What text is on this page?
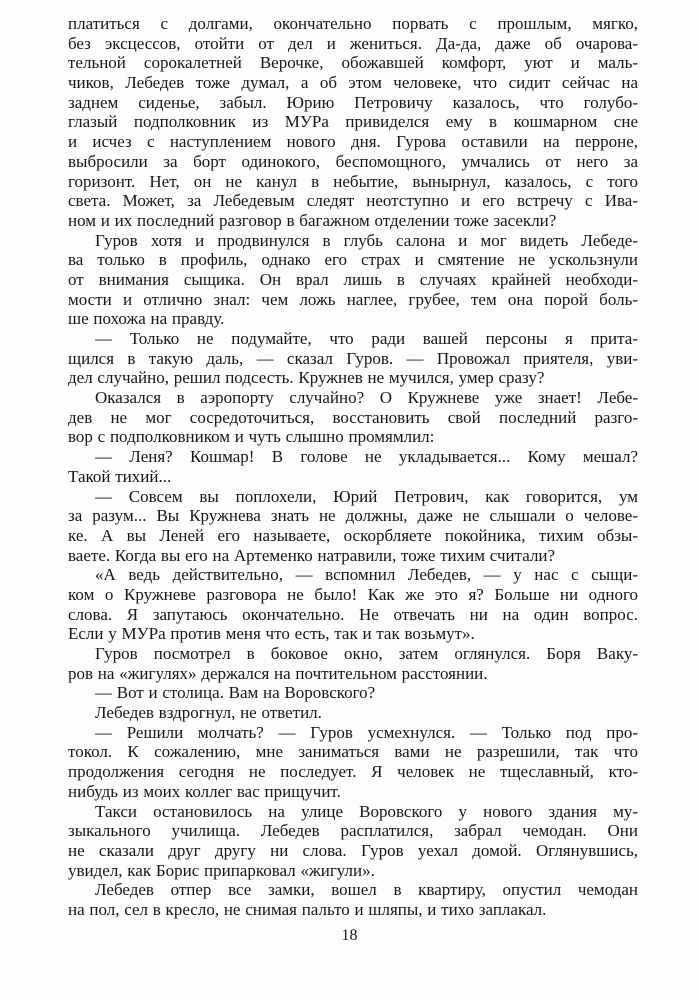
платиться с долгами, окончательно порвать с прошлым, мягко,
без эксцессов, отойти от дел и жениться. Да-да, даже об очарова-
тельной сорокалетней Верочке, обожавшей комфорт, уют и маль-
чиков, Лебедев тоже думал, а об этом человеке, что сидит сейчас на
заднем сиденье, забыл. Юрию Петровичу казалось, что голубо-
глазый подполковник из МУРа привиделся ему в кошмарном сне
и исчез с наступлением нового дня. Гурова оставили на перроне,
выбросили за борт одинокого, беспомощного, умчались от него за
горизонт. Нет, он не канул в небытие, вынырнул, казалось, с того
света. Может, за Лебедевым следят неотступно и его встречу с Ива-
ном и их последний разговор в багажном отделении тоже засекли?
Гуров хотя и продвинулся в глубь салона и мог видеть Лебеде-
ва только в профиль, однако его страх и смятение не ускользнули
от внимания сыщика. Он врал лишь в случаях крайней необходи-
мости и отлично знал: чем ложь наглее, грубее, тем она порой боль-
ше похожа на правду.
— Только не подумайте, что ради вашей персоны я прита-
щился в такую даль, — сказал Гуров. — Провожал приятеля, уви-
дел случайно, решил подсесть. Кружнев не мучился, умер сразу?
Оказался в аэропорту случайно? О Кружневе уже знает! Лебе-
дев не мог сосредоточиться, восстановить свой последний разго-
вор с подполковником и чуть слышно промямлил:
— Леня? Кошмар! В голове не укладывается... Кому мешал?
Такой тихий...
— Совсем вы поплохели, Юрий Петрович, как говорится, ум
за разум... Вы Кружнева знать не должны, даже не слышали о челове-
ке. А вы Леней его называете, оскорбляете покойника, тихим обзы-
ваете. Когда вы его на Артеменко натравили, тоже тихим считали?
«А ведь действительно, — вспомнил Лебедев, — у нас с сыщи-
ком о Кружневе разговора не было! Как же это я? Больше ни одного
слова. Я запутаюсь окончательно. Не отвечать ни на один вопрос.
Если у МУРа против меня что есть, так и так возьмут».
Гуров посмотрел в боковое окно, затем оглянулся. Боря Ваку-
ров на «жигулях» держался на почтительном расстоянии.
— Вот и столица. Вам на Воровского?
Лебедев вздрогнул, не ответил.
— Решили молчать? — Гуров усмехнулся. — Только под про-
токол. К сожалению, мне заниматься вами не разрешили, так что
продолжения сегодня не последует. Я человек не тщеславный, кто-
нибудь из моих коллег вас прищучит.
Такси остановилось на улице Воровского у нового здания му-
зыкального училища. Лебедев расплатился, забрал чемодан. Они
не сказали друг другу ни слова. Гуров уехал домой. Оглянувшись,
увидел, как Борис припарковал «жигули».
Лебедев отпер все замки, вошел в квартиру, опустил чемодан
на пол, сел в кресло, не снимая пальто и шляпы, и тихо заплакал.
18
